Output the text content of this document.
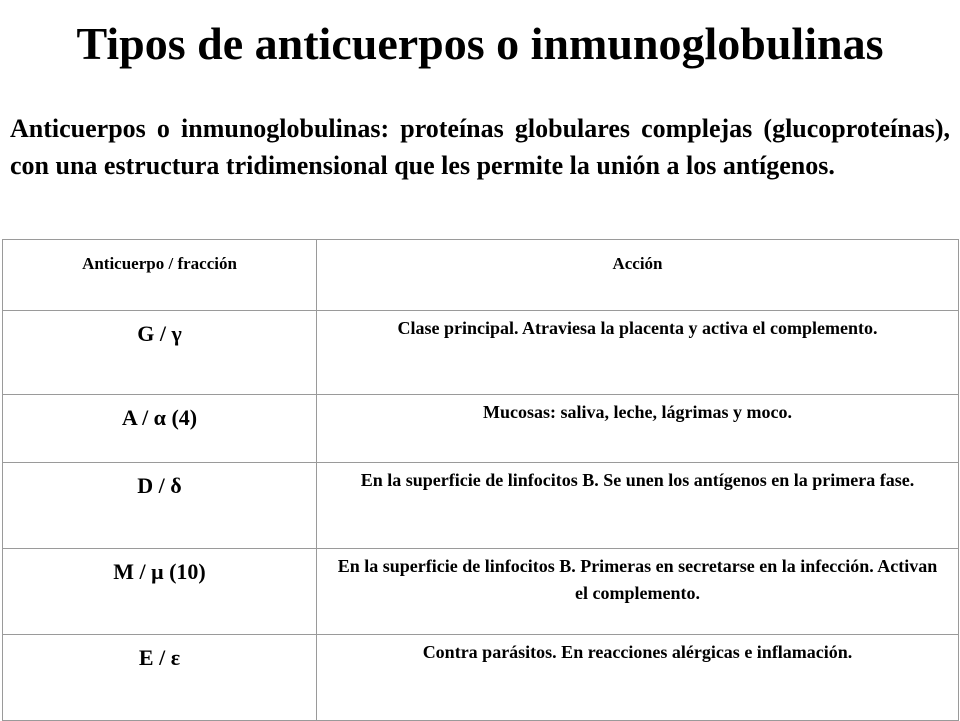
Tipos de anticuerpos o inmunoglobulinas

Anticuerpos o inmunoglobulinas: proteínas globulares complejas (glucoproteínas), con una estructura tridimensional que les permite la unión a los antígenos.

Anticuerpo / fracción	Acción
G / γ	Clase principal. Atraviesa la placenta y activa el complemento.
A / α (4)	Mucosas: saliva, leche, lágrimas y moco.
D / δ	En la superficie de linfocitos B. Se unen los antígenos en la primera fase.
M / μ (10)	En la superficie de linfocitos B. Primeras en secretarse en la infección. Activan el complemento.
E / ε	Contra parásitos. En reacciones alérgicas e inflamación.
